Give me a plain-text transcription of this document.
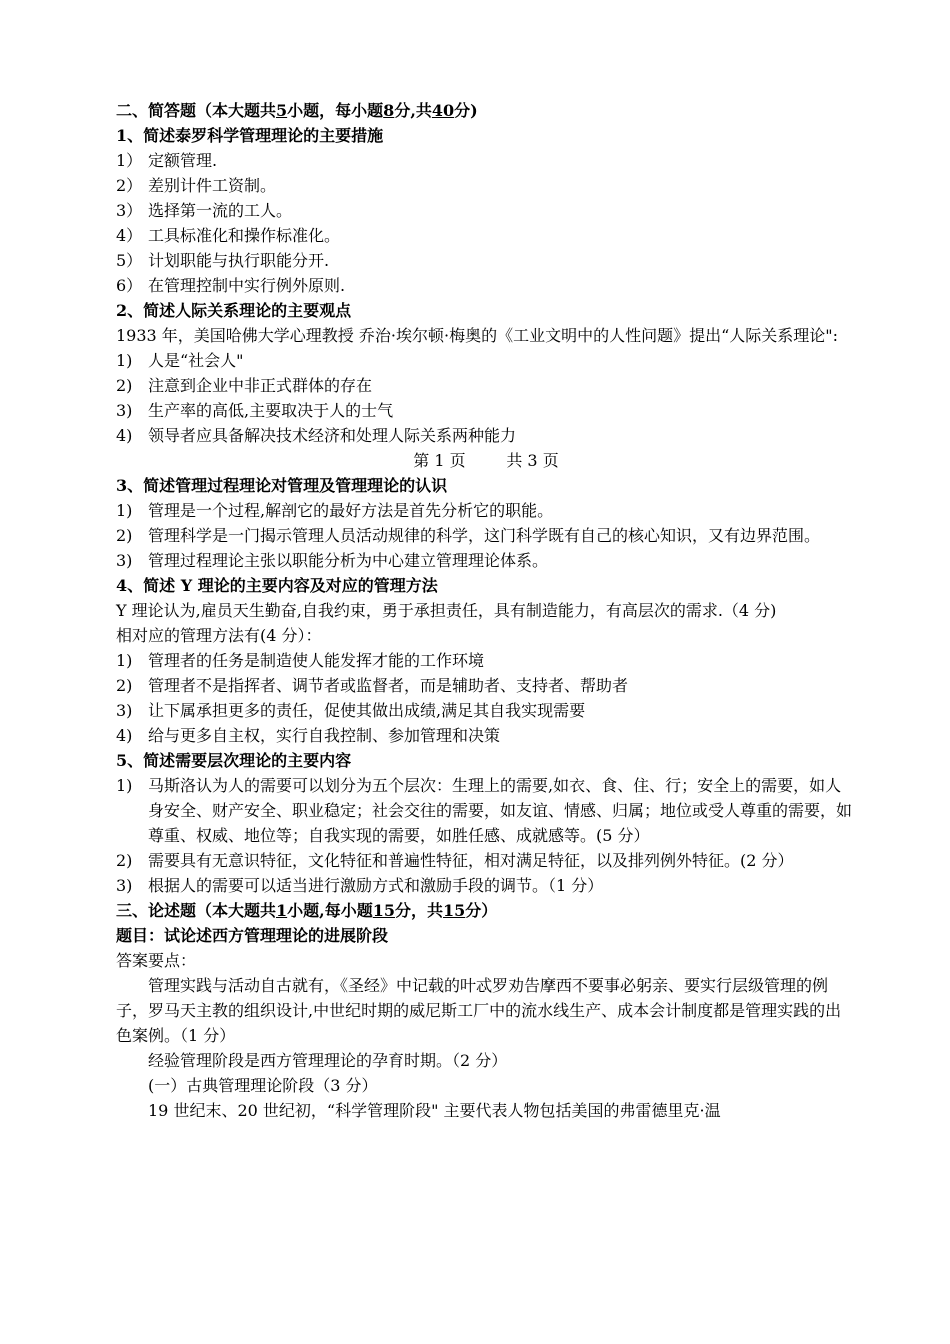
二、简答题（本大题共5小题，每小题8分,共40分)
1、简述泰罗科学管理理论的主要措施
1） 定额管理.
2） 差别计件工资制。
3） 选择第一流的工人。
4） 工具标准化和操作标准化。
5） 计划职能与执行职能分开.
6） 在管理控制中实行例外原则.
2、简述人际关系理论的主要观点
1933 年，美国哈佛大学心理教授 乔治·埃尔顿·梅奥的《工业文明中的人性问题》提出“人际关系理论":
1) 人是“社会人"
2) 注意到企业中非正式群体的存在
3) 生产率的高低,主要取决于人的士气
4) 领导者应具备解决技术经济和处理人际关系两种能力
第 1 页        共 3 页
3、简述管理过程理论对管理及管理理论的认识
1) 管理是一个过程,解剖它的最好方法是首先分析它的职能。
2) 管理科学是一门揭示管理人员活动规律的科学，这门科学既有自己的核心知识，又有边界范围。
3) 管理过程理论主张以职能分析为中心建立管理理论体系。
4、简述 Y 理论的主要内容及对应的管理方法
Y 理论认为,雇员天生勤奋,自我约束，勇于承担责任，具有制造能力，有高层次的需求.（4 分)
相对应的管理方法有(4 分）：
1) 管理者的任务是制造使人能发挥才能的工作环境
2) 管理者不是指挥者、调节者或监督者，而是辅助者、支持者、帮助者
3) 让下属承担更多的责任，促使其做出成绩,满足其自我实现需要
4) 给与更多自主权，实行自我控制、参加管理和决策
5、简述需要层次理论的主要内容
1) 马斯洛认为人的需要可以划分为五个层次：生理上的需要,如衣、食、住、行；安全上的需要，如人身安全、财产安全、职业稳定；社会交往的需要，如友谊、情感、归属；地位或受人尊重的需要，如尊重、权威、地位等；自我实现的需要，如胜任感、成就感等。(5 分）
2) 需要具有无意识特征，文化特征和普遍性特征，相对满足特征，以及排列例外特征。(2 分）
3) 根据人的需要可以适当进行激励方式和激励手段的调节。（1 分）
三、论述题（本大题共1小题,每小题15分，共15分）
题目：试论述西方管理理论的进展阶段
答案要点：
管理实践与活动自古就有，《圣经》中记载的叶忒罗劝告摩西不要事必躬亲、要实行层级管理的例子，罗马天主教的组织设计,中世纪时期的威尼斯工厂中的流水线生产、成本会计制度都是管理实践的出色案例。（1 分）
经验管理阶段是西方管理理论的孕育时期。（2 分）
(一）古典管理理论阶段（3 分）
19 世纪末、20 世纪初，“科学管理阶段" 主要代表人物包括美国的弗雷德里克·温
